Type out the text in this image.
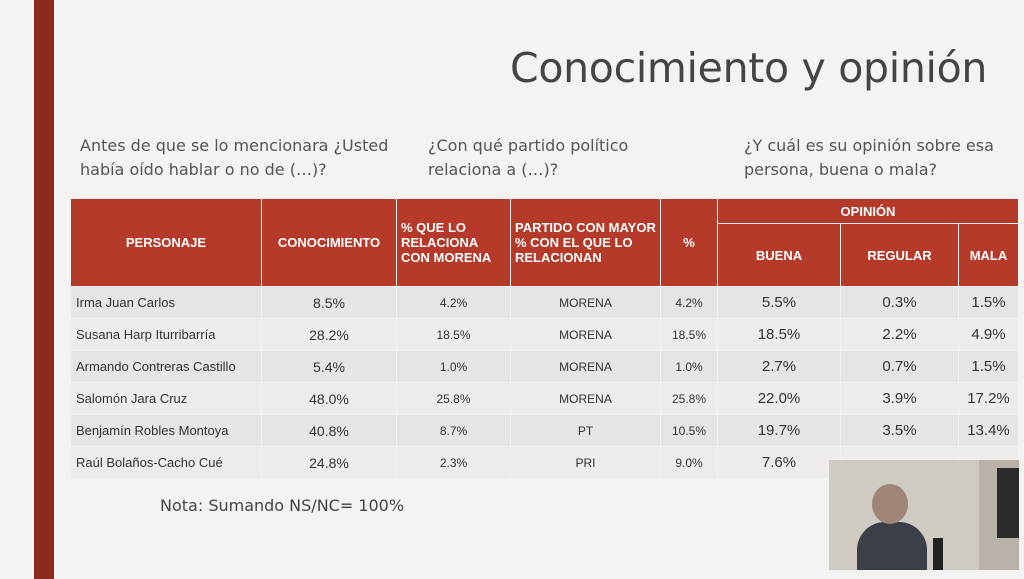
Conocimiento y opinión
Antes de que se lo mencionara ¿Usted había oído hablar o no de (…)?
¿Con qué partido político relaciona a (…)?
¿Y cuál es su opinión sobre esa persona, buena o mala?
PERSONAJE	CONOCIMIENTO	% QUE LO RELACIONA CON MORENA	PARTIDO CON MAYOR % CON EL QUE LO RELACIONAN	%	OPINIÓN		
					BUENA	REGULAR	MALA
Irma Juan Carlos	8.5%	4.2%	MORENA	4.2%	5.5%	0.3%	1.5%
Susana Harp Iturribarría	28.2%	18.5%	MORENA	18.5%	18.5%	2.2%	4.9%
Armando Contreras Castillo	5.4%	1.0%	MORENA	1.0%	2.7%	0.7%	1.5%
Salomón Jara Cruz	48.0%	25.8%	MORENA	25.8%	22.0%	3.9%	17.2%
Benjamín Robles Montoya	40.8%	8.7%	PT	10.5%	19.7%	3.5%	13.4%
Raúl Bolaños-Cacho Cué	24.8%	2.3%	PRI	9.0%	7.6%		
Nota: Sumando NS/NC= 100%
